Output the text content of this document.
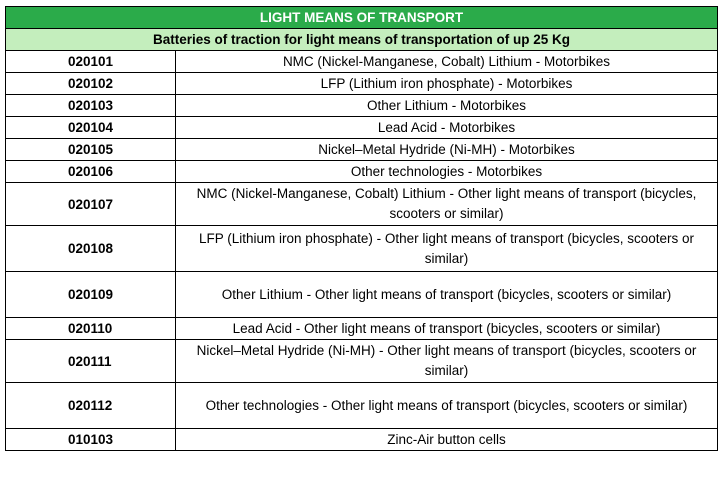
LIGHT MEANS OF TRANSPORT	
Batteries of traction for light means of transportation of up 25 Kg	
020101	NMC (Nickel-Manganese, Cobalt) Lithium - Motorbikes
020102	LFP (Lithium iron phosphate) - Motorbikes
020103	Other Lithium - Motorbikes
020104	Lead Acid - Motorbikes
020105	Nickel–Metal Hydride (Ni-MH) - Motorbikes
020106	Other technologies - Motorbikes
020107	NMC (Nickel-Manganese, Cobalt) Lithium - Other light means of transport (bicycles, scooters or similar)
020108	LFP (Lithium iron phosphate) - Other light means of transport (bicycles, scooters or similar)
020109	Other Lithium - Other light means of transport (bicycles, scooters or similar)
020110	Lead Acid - Other light means of transport (bicycles, scooters or similar)
020111	Nickel–Metal Hydride (Ni-MH) - Other light means of transport (bicycles, scooters or similar)
020112	Other technologies - Other light means of transport (bicycles, scooters or similar)
010103	Zinc-Air button cells
